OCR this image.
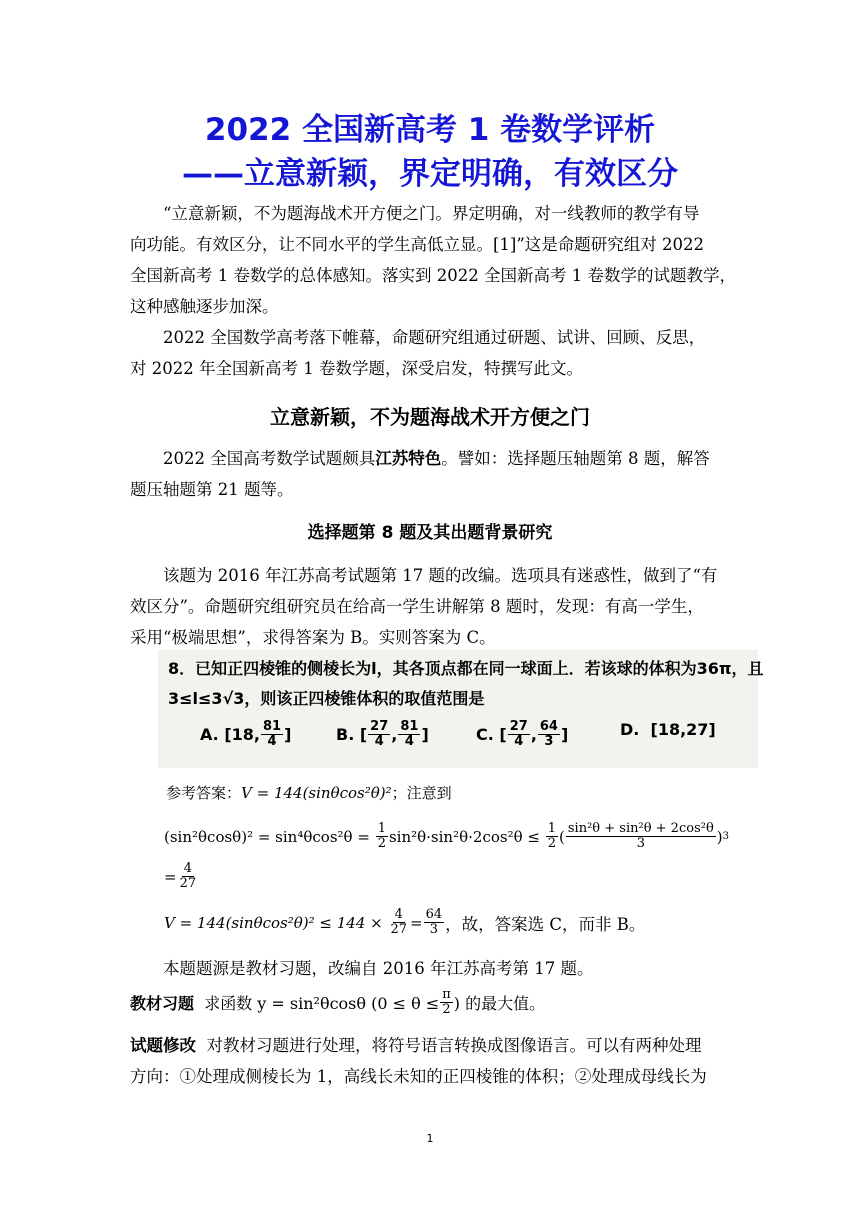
2022 全国新高考 1 卷数学评析
——立意新颖，界定明确，有效区分
“立意新颖，不为题海战术开方便之门。界定明确，对一线教师的教学有导
向功能。有效区分，让不同水平的学生高低立显。[1]”这是命题研究组对 2022
全国新高考 1 卷数学的总体感知。落实到 2022 全国新高考 1 卷数学的试题教学，
这种感触逐步加深。
2022 全国数学高考落下帷幕，命题研究组通过研题、试讲、回顾、反思，
对 2022 年全国新高考 1 卷数学题，深受启发，特撰写此文。
立意新颖，不为题海战术开方便之门
2022 全国高考数学试题颇具江苏特色。譬如：选择题压轴题第 8 题，解答
题压轴题第 21 题等。
选择题第 8 题及其出题背景研究
该题为 2016 年江苏高考试题第 17 题的改编。选项具有迷惑性，做到了“有
效区分”。命题研究组研究员在给高一学生讲解第 8 题时，发现：有高一学生，
采用“极端思想”，求得答案为 B。实则答案为 C。
8．已知正四棱锥的侧棱长为l，其各顶点都在同一球面上．若该球的体积为36π，且
3≤l≤3√3，则该正四棱锥体积的取值范围是
A.
[18, $\frac{81}{4}$ ]	B.
[ $\frac{27}{4}$ , $\frac{81}{4}$ ]	C.
[ $\frac{27}{4}$ , $\frac{64}{3}$ ]	D.
[18,27]
参考答案： V = 144(sinθcos²θ)² ；注意到
(sin²θcosθ)² = sin⁴θcos²θ =
$\frac{1}{2} \sin^2\theta\cdot\sin^2\theta\cdot 2\cos^2\theta$ ≤
$\frac{1}{2}$ ( $\frac{\text{sin²θ + sin²θ + 2cos²θ}}{3}$ ) 3
= $\frac{4}{27}$
V = 144(sinθcos²θ)² ≤ 144 ×
$\frac{4}{27} = \frac{64}{3}$ ，故，答案选 C，而非 B。
本题题源是教材习题，改编自 2016 年江苏高考第 17 题。
教材习题
求函数 y = sin²θcosθ ($0 \le \theta \le \frac{\pi}{2}$ ) 的最大值。
试题修改 对教材习题进行处理，将符号语言转换成图像语言。可以有两种处理
方向：①处理成侧棱长为 1，高线长未知的正四棱锥的体积；②处理成母线长为
1
